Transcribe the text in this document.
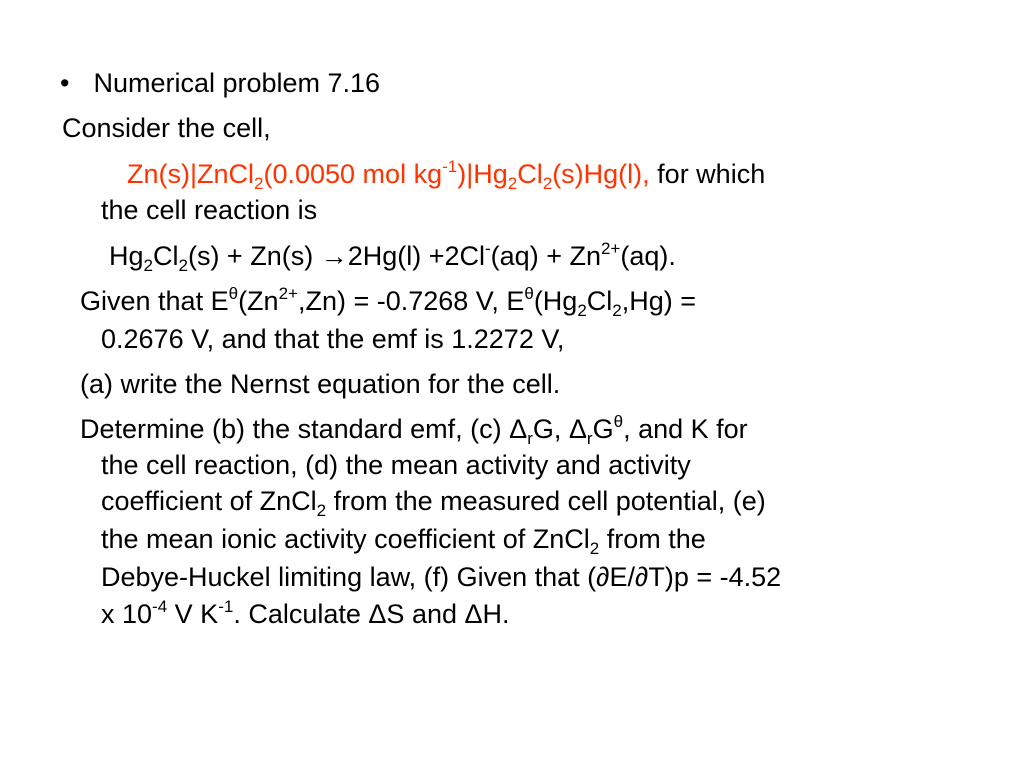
• Numerical problem 7.16
Consider the cell,
Zn(s)|ZnCl$_2$(0.0050 mol $kg^{-1})|Hg_2Cl_2(s)Hg(l)$, for which
the cell reaction is
$Hg_2Cl_2(s) + Zn(s) \to 2Hg(l) +2Cl^-(aq) + Zn^{2+}(aq)$.
Given that $E^\theta(Zn^{2+},Zn) = -0.7268$ V, $E^\theta(Hg_2Cl_2,Hg)$ =
0.2676 V, and that the emf is 1.2272 V,
(a) write the Nernst equation for the cell.
Determine (b) the standard emf, (c) $\Delta_rG$, $\Delta_rG^\theta$, and K for
the cell reaction, (d) the mean activity and activity
coefficient of ZnCl$_2$ from the measured cell potential, (e)
the mean ionic activity coefficient of ZnCl$_2$ from the
Debye-Huckel limiting law, (f) Given that (∂E/∂T)p = -4.52
x $10^{-4}$ V $K^{-1}$. Calculate ΔS and ΔH.
